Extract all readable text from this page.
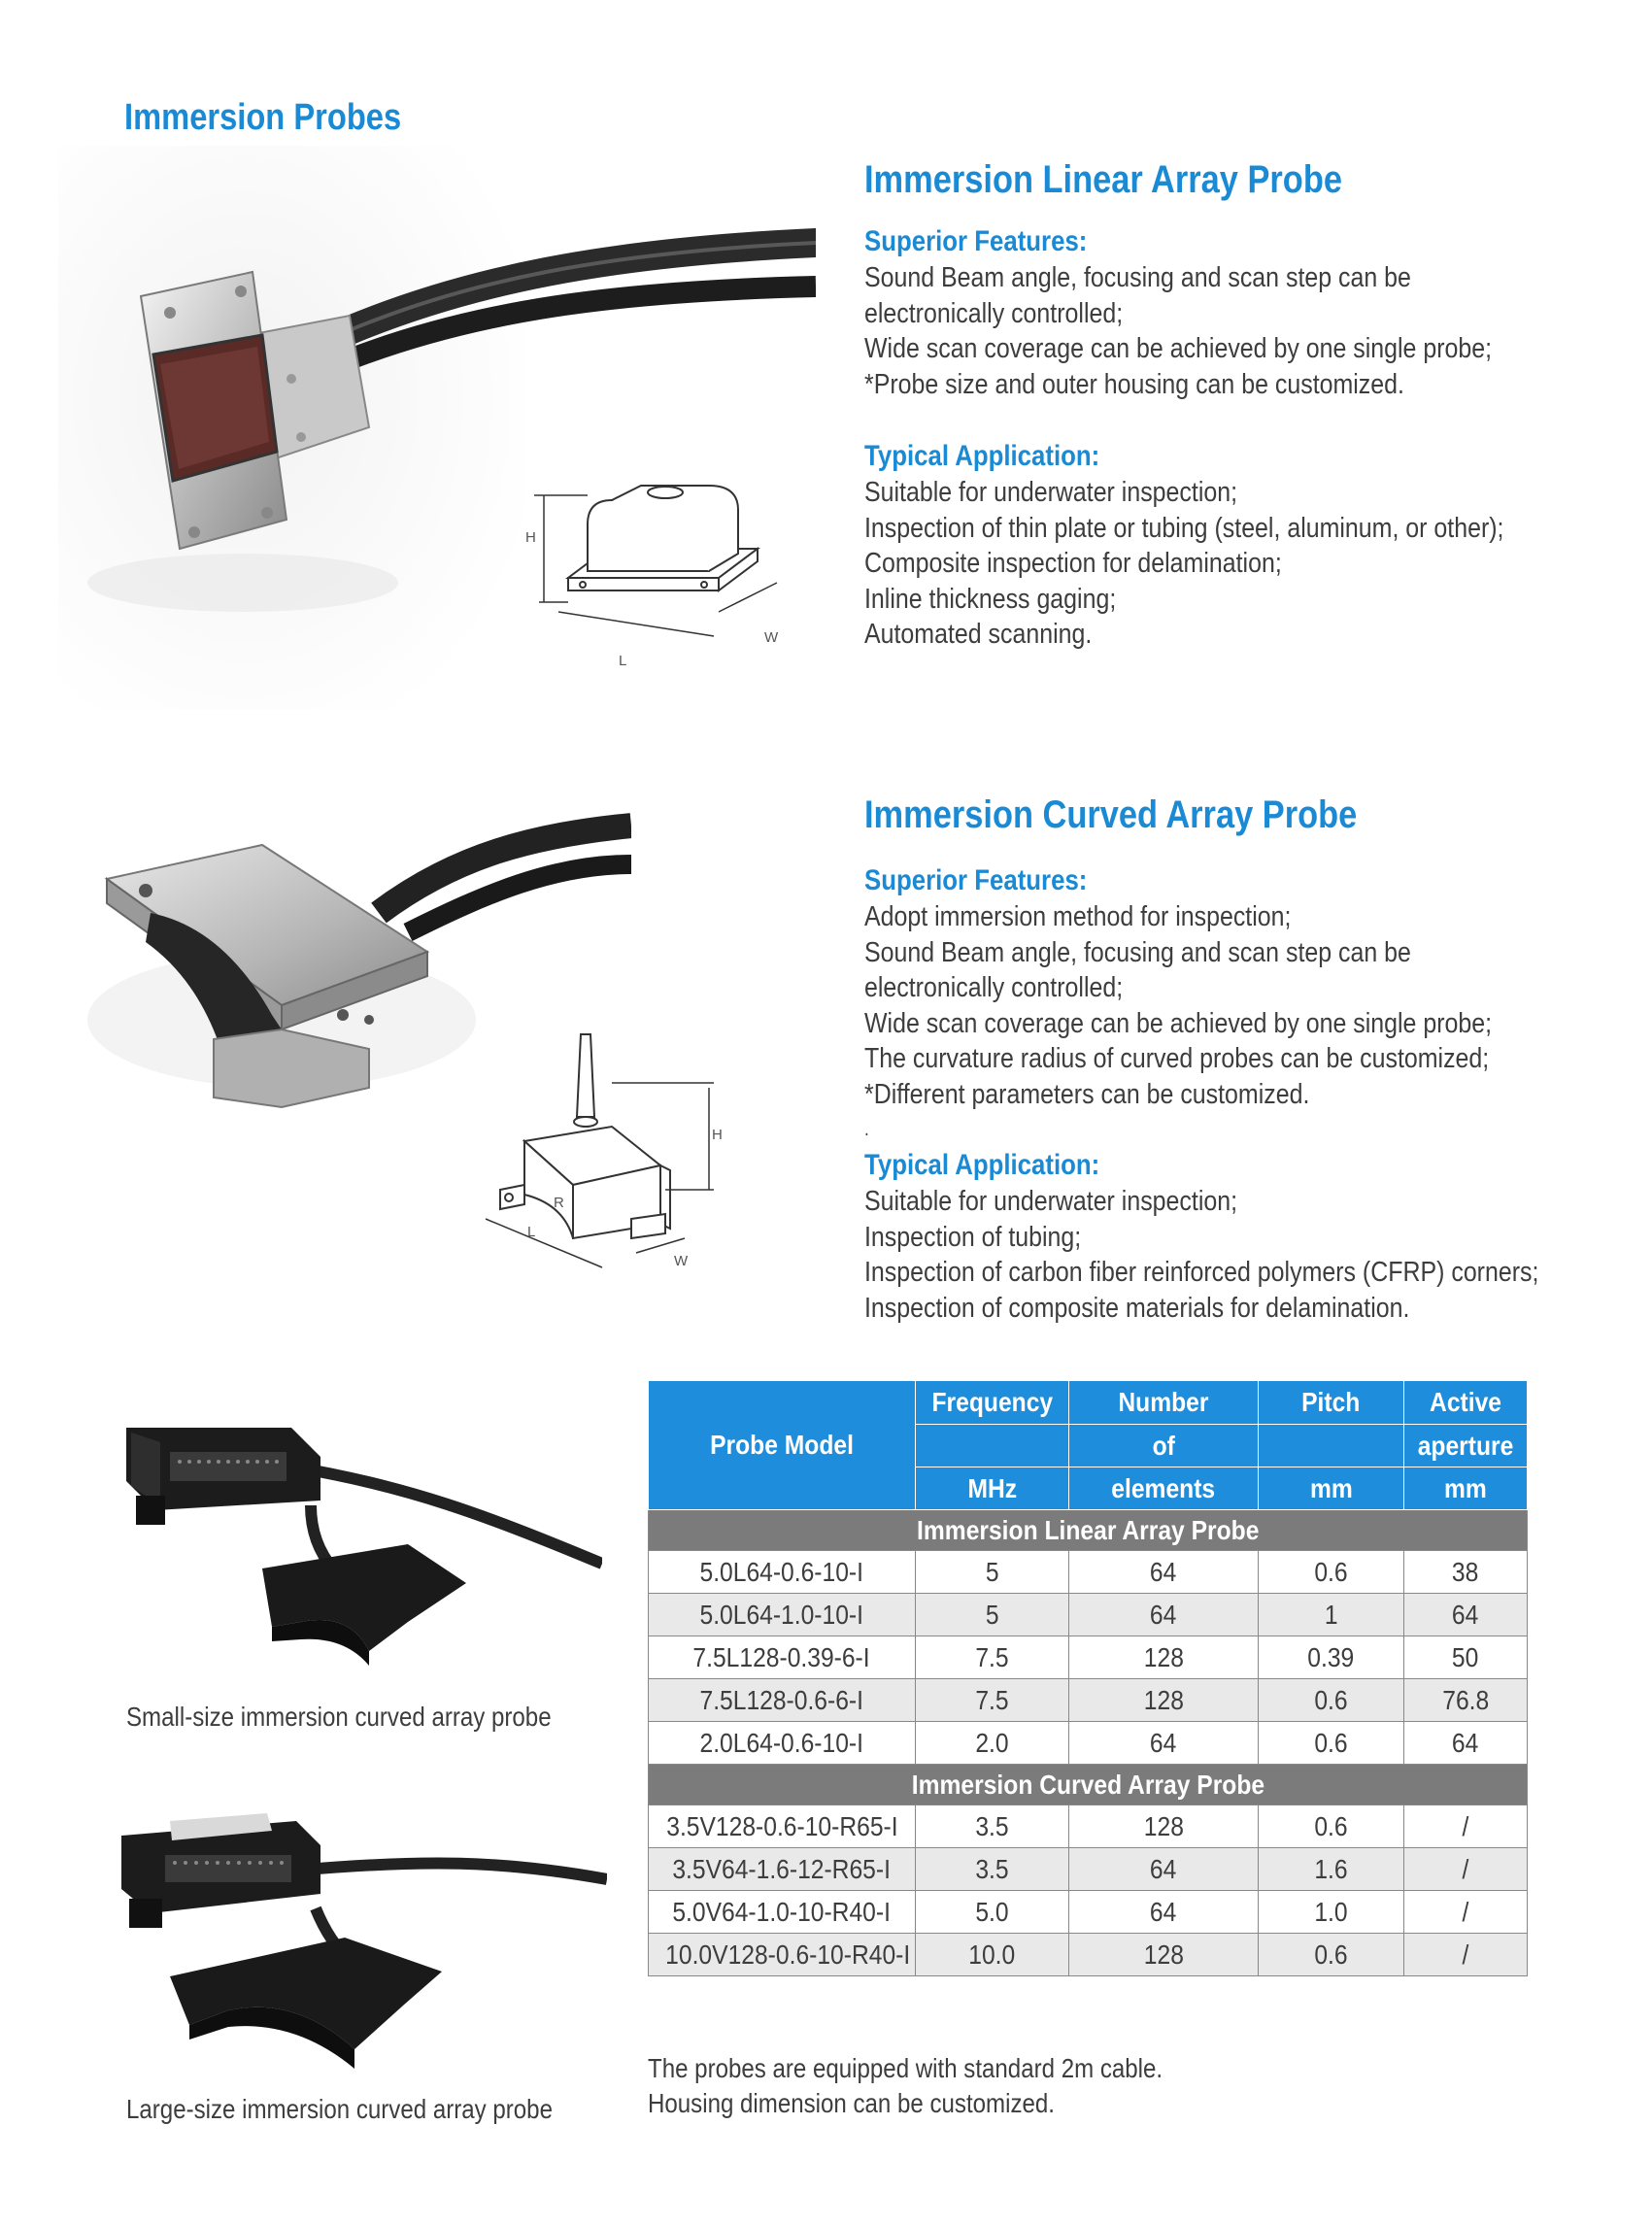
Immersion Probes
H
L
W
Immersion Linear Array Probe
Superior Features:
Sound Beam angle, focusing and scan step can be
electronically controlled;
Wide scan coverage can be achieved by one single probe;
*Probe size and outer housing can be customized.
Typical Application:
Suitable for underwater inspection;
Inspection of thin plate or tubing (steel, aluminum, or other);
Composite inspection for delamination;
Inline thickness gaging;
Automated scanning.
H
R
L
W
Immersion Curved Array Probe
Superior Features:
Adopt immersion method for inspection;
Sound Beam angle, focusing and scan step can be
electronically controlled;
Wide scan coverage can be achieved by one single probe;
The curvature radius of curved probes can be customized;
*Different parameters can be customized.
.
Typical Application:
Suitable for underwater inspection;
Inspection of tubing;
Inspection of carbon fiber reinforced polymers (CFRP) corners;
Inspection of composite materials for delamination.
Small-size immersion curved array probe
Large-size immersion curved array probe
Probe Model	Frequency	Number	Pitch	Active
		of		aperture
	MHz	elements	mm	mm
Immersion Linear Array Probe				
5.0L64-0.6-10-I	5	64	0.6	38
5.0L64-1.0-10-I	5	64	1	64
7.5L128-0.39-6-I	7.5	128	0.39	50
7.5L128-0.6-6-I	7.5	128	0.6	76.8
2.0L64-0.6-10-I	2.0	64	0.6	64
Immersion Curved Array Probe				
3.5V128-0.6-10-R65-I	3.5	128	0.6	/
3.5V64-1.6-12-R65-I	3.5	64	1.6	/
5.0V64-1.0-10-R40-I	5.0	64	1.0	/
10.0V128-0.6-10-R40-I	10.0	128	0.6	/
The probes are equipped with standard 2m cable.
Housing dimension can be customized.
